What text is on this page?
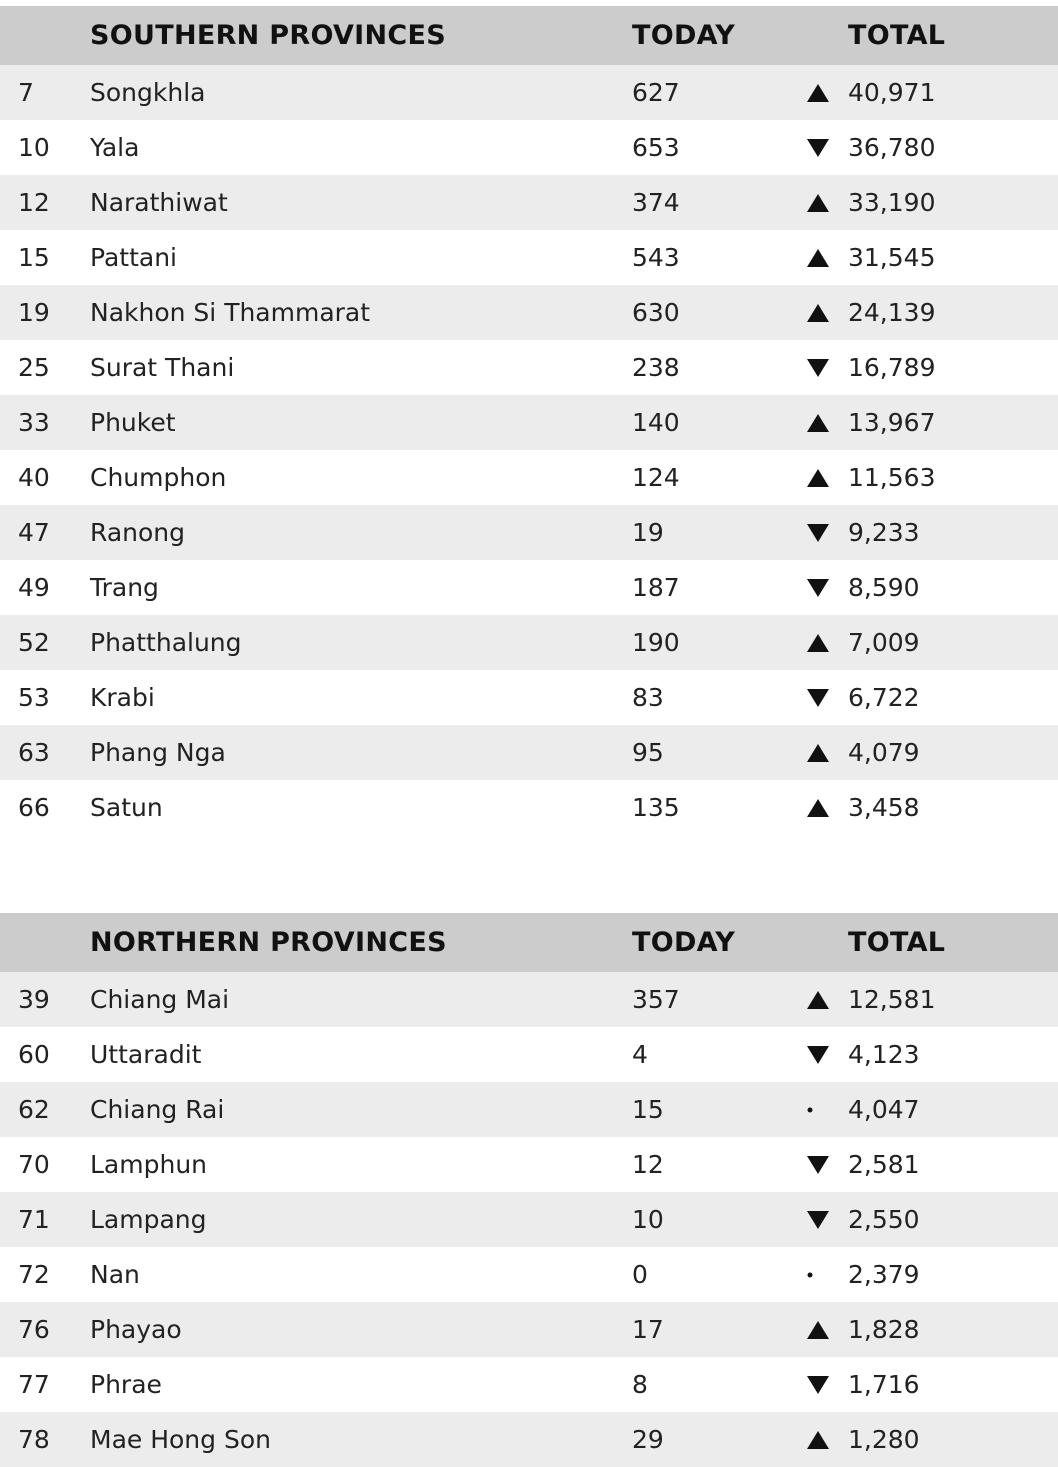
SOUTHERN PROVINCES	TODAY	TOTAL
7 Songkhla	627	40,971
10 Yala	653	36,780
12 Narathiwat	374	33,190
15 Pattani	543	31,545
19 Nakhon Si Thammarat	630	24,139
25 Surat Thani	238	16,789
33 Phuket	140	13,967
40 Chumphon	124	11,563
47 Ranong	19	9,233
49 Trang	187	8,590
52 Phatthalung	190	7,009
53 Krabi	83	6,722
63 Phang Nga	95	4,079
66 Satun	135	3,458
NORTHERN PROVINCES	TODAY	TOTAL
39 Chiang Mai	357	12,581
60 Uttaradit	4	4,123
62 Chiang Rai	15	4,047
70 Lamphun	12	2,581
71 Lampang	10	2,550
72 Nan	0	2,379
76 Phayao	17	1,828
77 Phrae	8	1,716
78 Mae Hong Son	29	1,280
